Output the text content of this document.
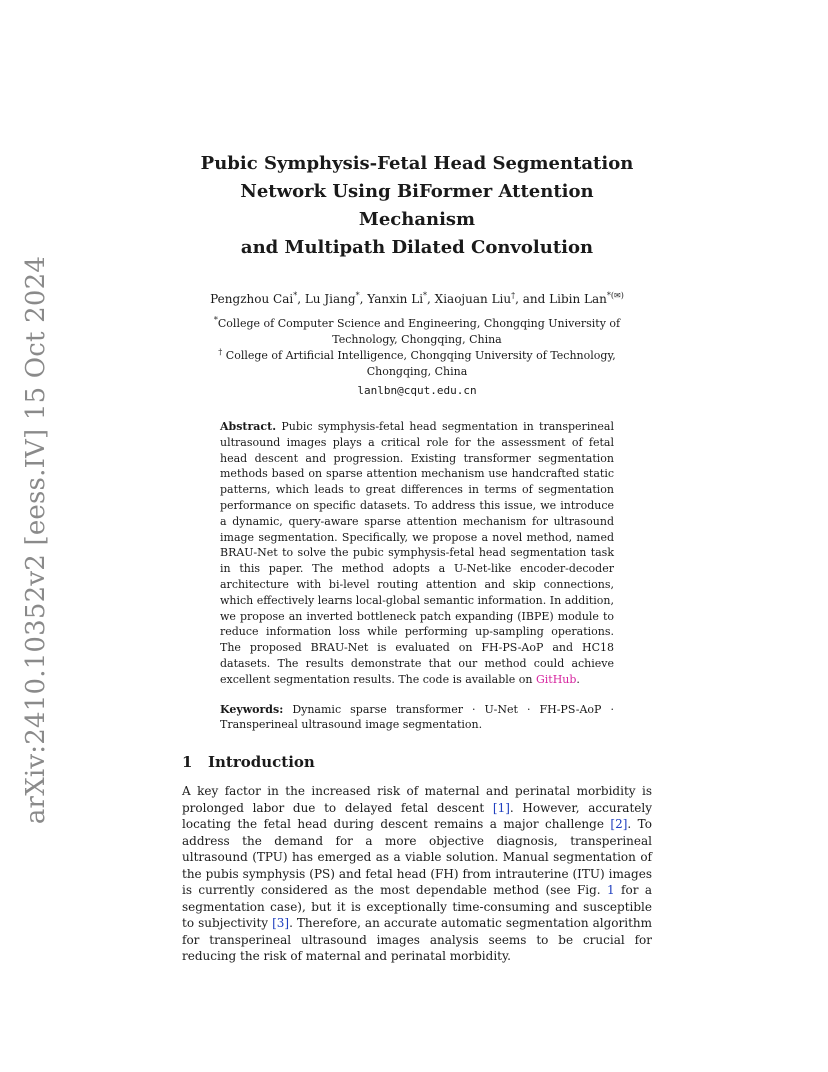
arXiv:2410.10352v2 [eess.IV] 15 Oct 2024
Pubic Symphysis-Fetal Head Segmentation
Network Using BiFormer Attention Mechanism
and Multipath Dilated Convolution
Pengzhou Cai*, Lu Jiang*, Yanxin Li*, Xiaojuan Liu†, and Libin Lan*(✉)
*College of Computer Science and Engineering, Chongqing University of Technology, Chongqing, China
† College of Artificial Intelligence, Chongqing University of Technology, Chongqing, China
lanlbn@cqut.edu.cn
Abstract. Pubic symphysis-fetal head segmentation in transperineal ultrasound images plays a critical role for the assessment of fetal head descent and progression. Existing transformer segmentation methods based on sparse attention mechanism use handcrafted static patterns, which leads to great differences in terms of segmentation performance on specific datasets. To address this issue, we introduce a dynamic, query-aware sparse attention mechanism for ultrasound image segmentation. Specifically, we propose a novel method, named BRAU-Net to solve the pubic symphysis-fetal head segmentation task in this paper. The method adopts a U-Net-like encoder-decoder architecture with bi-level routing attention and skip connections, which effectively learns local-global semantic information. In addition, we propose an inverted bottleneck patch expanding (IBPE) module to reduce information loss while performing up-sampling operations. The proposed BRAU-Net is evaluated on FH-PS-AoP and HC18 datasets. The results demonstrate that our method could achieve excellent segmentation results. The code is available on GitHub.
Keywords: Dynamic sparse transformer · U-Net · FH-PS-AoP · Transperineal ultrasound image segmentation.
1 Introduction

A key factor in the increased risk of maternal and perinatal morbidity is prolonged labor due to delayed fetal descent [1]. However, accurately locating the fetal head during descent remains a major challenge [2]. To address the demand for a more objective diagnosis, transperineal ultrasound (TPU) has emerged as a viable solution. Manual segmentation of the pubis symphysis (PS) and fetal head (FH) from intrauterine (ITU) images is currently considered as the most dependable method (see Fig. 1 for a segmentation case), but it is exceptionally time-consuming and susceptible to subjectivity [3]. Therefore, an accurate automatic segmentation algorithm for transperineal ultrasound images analysis seems to be crucial for reducing the risk of maternal and perinatal morbidity.
